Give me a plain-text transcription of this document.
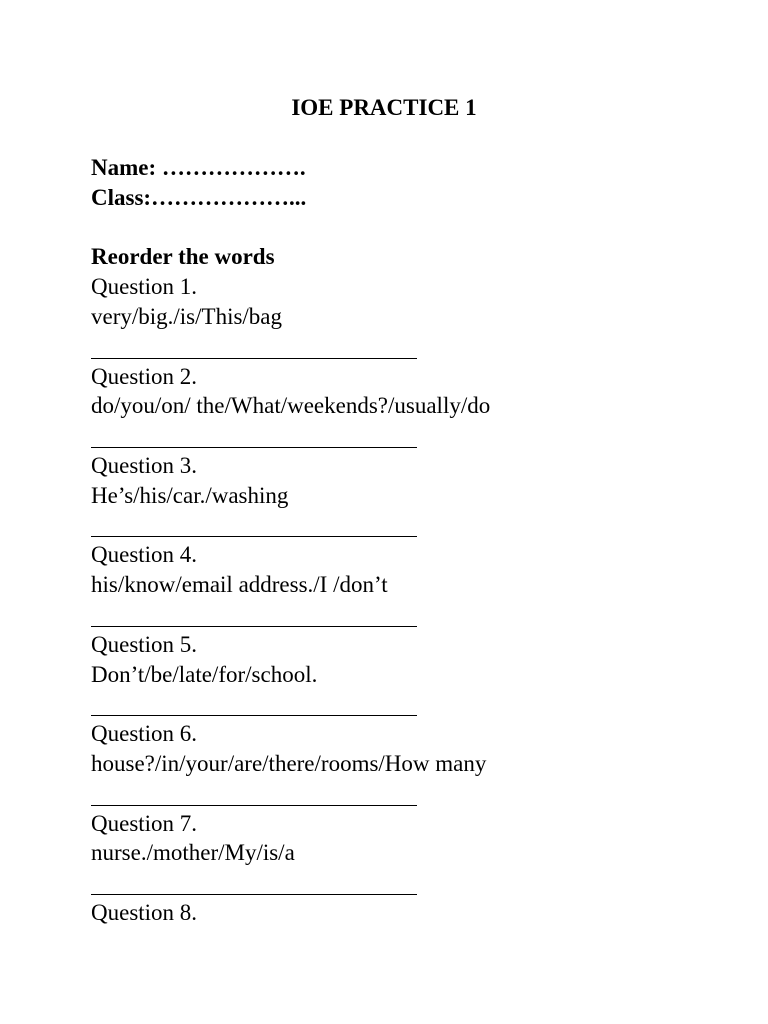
IOE PRACTICE 1
Name: ……………….
Class:………………...
Reorder the words
Question 1.
very/big./is/This/bag
Question 2.
do/you/on/ the/What/weekends?/usually/do
Question 3.
He’s/his/car./washing
Question 4.
his/know/email address./I /don’t
Question 5.
Don’t/be/late/for/school.
Question 6.
house?/in/your/are/there/rooms/How many
Question 7.
nurse./mother/My/is/a
Question 8.
